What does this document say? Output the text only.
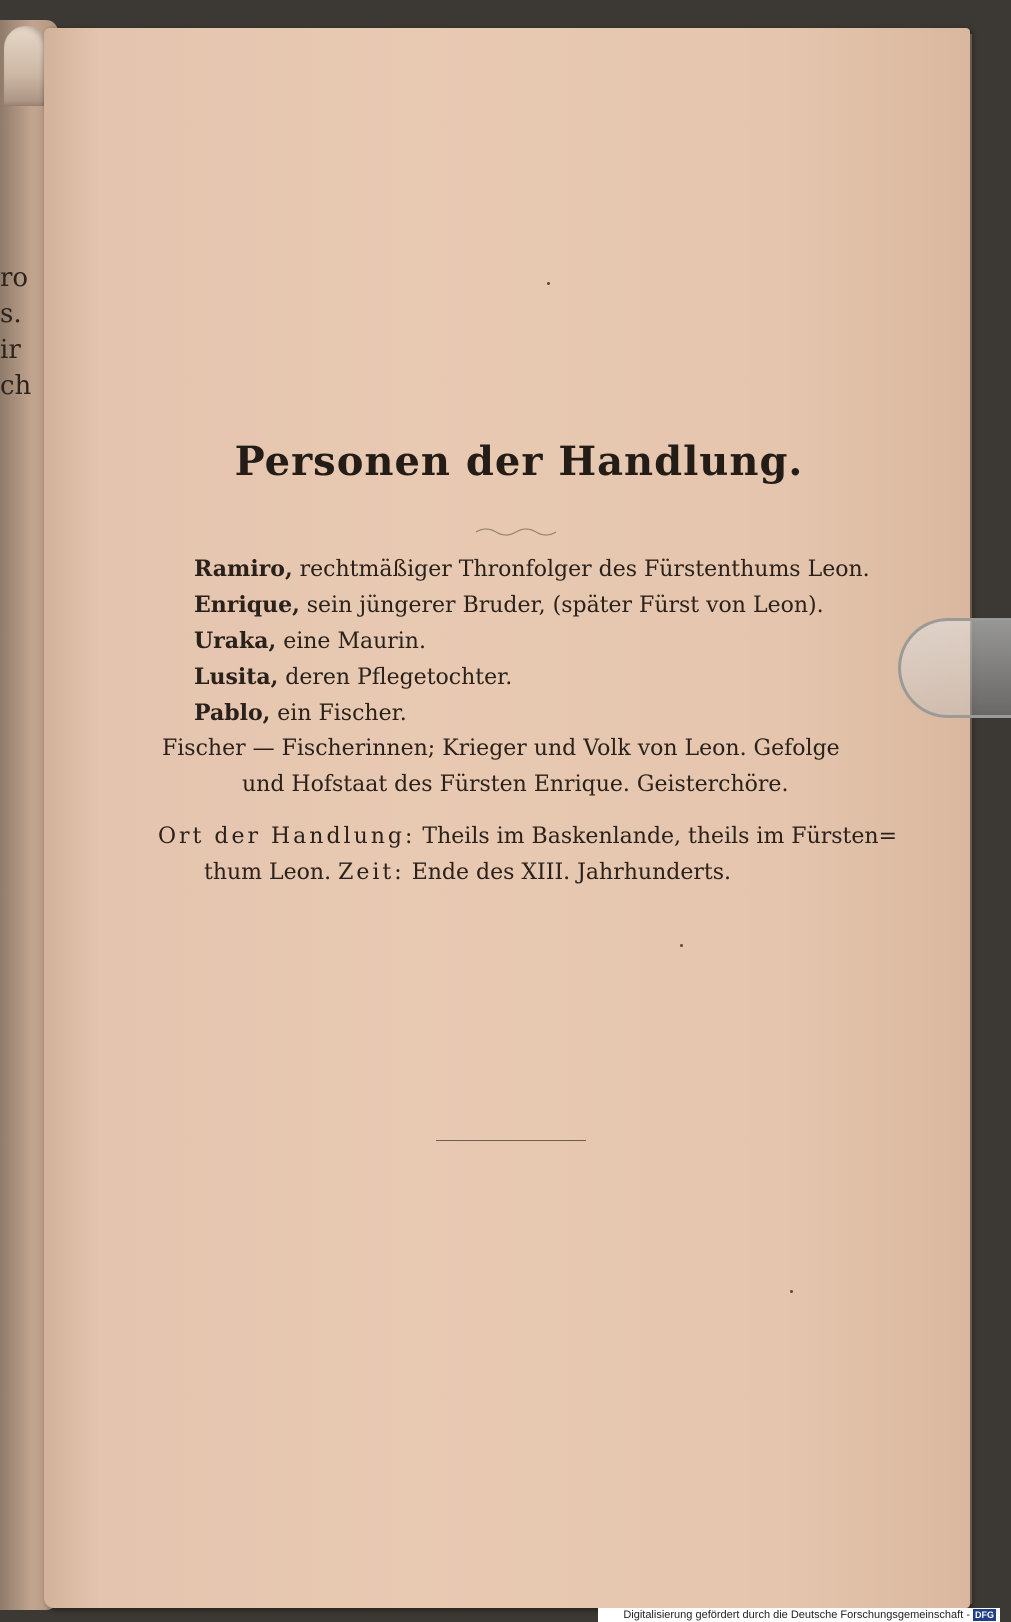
ro
s.
ir
ch
Personen der Handlung.
Ramiro, rechtmäßiger Thronfolger des Fürstenthums Leon.
Enrique, sein jüngerer Bruder, (später Fürst von Leon).
Uraka, eine Maurin.
Lusita, deren Pflegetochter.
Pablo, ein Fischer.
Fischer — Fischerinnen; Krieger und Volk von Leon. Gefolge
und Hofstaat des Fürsten Enrique. Geisterchöre.
Ort der Handlung: Theils im Baskenlande, theils im Fürsten=
thum Leon. Zeit: Ende des XIII. Jahrhunderts.
Digitalisierung gefördert durch die Deutsche Forschungsgemeinschaft - DFG
